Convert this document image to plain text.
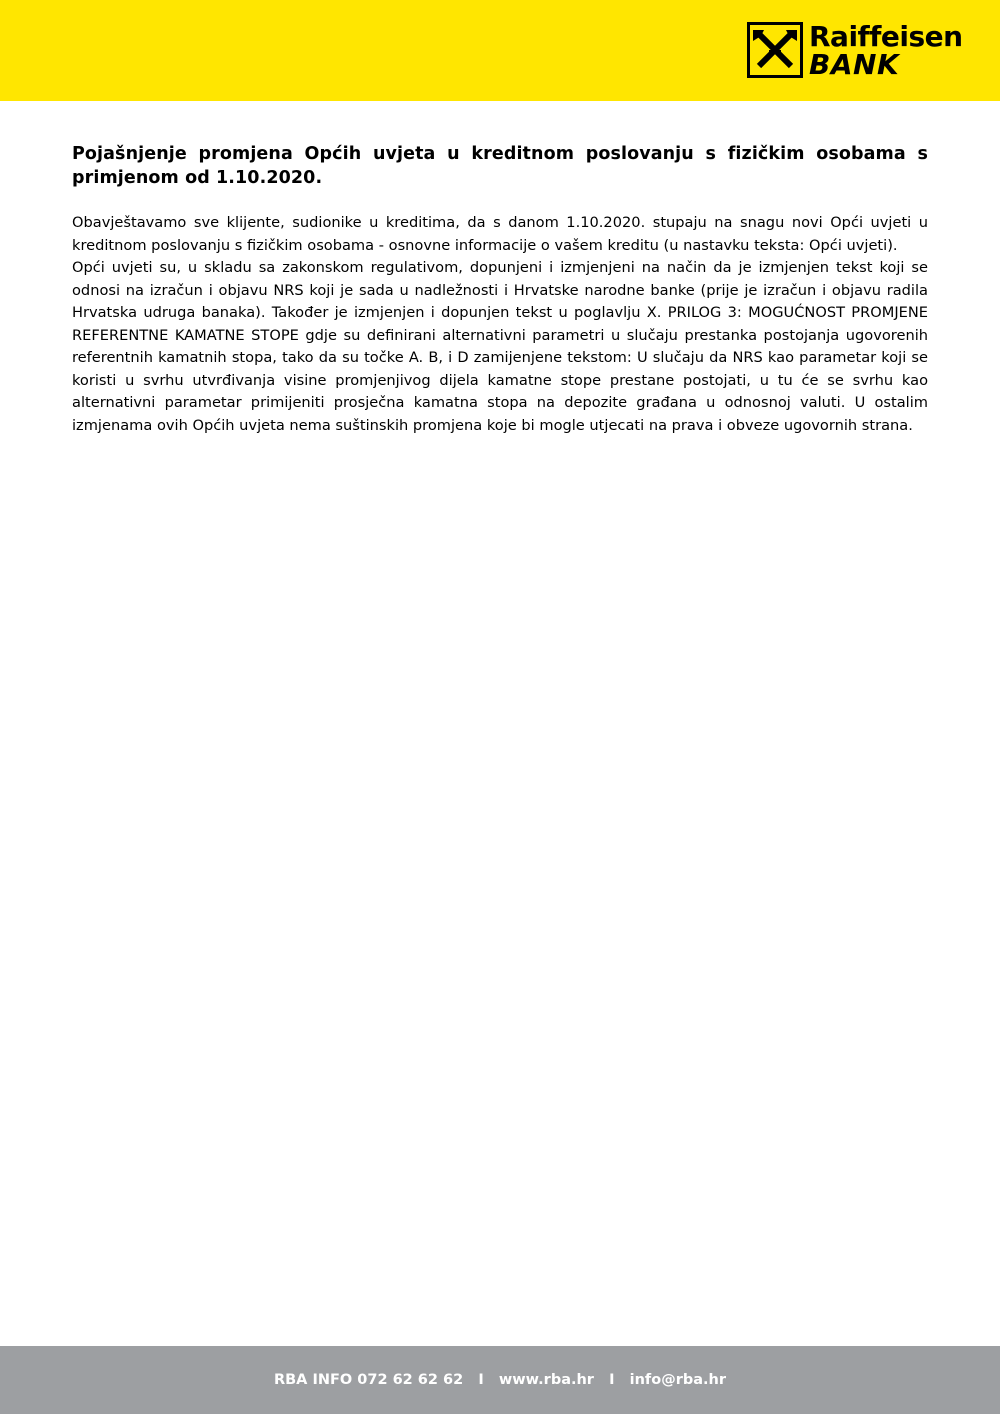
Raiffeisen
BANK
Pojašnjenje promjena Općih uvjeta u kreditnom poslovanju s fizičkim osobama s primjenom od 1.10.2020.

Obavještavamo sve klijente, sudionike u kreditima, da s danom 1.10.2020. stupaju na snagu novi Opći uvjeti u kreditnom poslovanju s fizičkim osobama - osnovne informacije o vašem kreditu (u nastavku teksta: Opći uvjeti).
Opći uvjeti su, u skladu sa zakonskom regulativom, dopunjeni i izmjenjeni na način da je izmjenjen tekst koji se odnosi na izračun i objavu NRS koji je sada u nadležnosti i Hrvatske narodne banke (prije je izračun i objavu radila Hrvatska udruga banaka). Također je izmjenjen i dopunjen tekst u poglavlju X. PRILOG 3: MOGUĆNOST PROMJENE REFERENTNE KAMATNE STOPE gdje su definirani alternativni parametri u slučaju prestanka postojanja ugovorenih referentnih kamatnih stopa, tako da su točke A. B, i D zamijenjene tekstom: U slučaju da NRS kao parametar koji se koristi u svrhu utvrđivanja visine promjenjivog dijela kamatne stope prestane postojati, u tu će se svrhu kao alternativni parametar primijeniti prosječna kamatna stopa na depozite građana u odnosnoj valuti. U ostalim izmjenama ovih Općih uvjeta nema suštinskih promjena koje bi mogle utjecati na prava i obveze ugovornih strana.

RBA INFO 072 62 62 62   I   www.rba.hr   I   info@rba.hr
